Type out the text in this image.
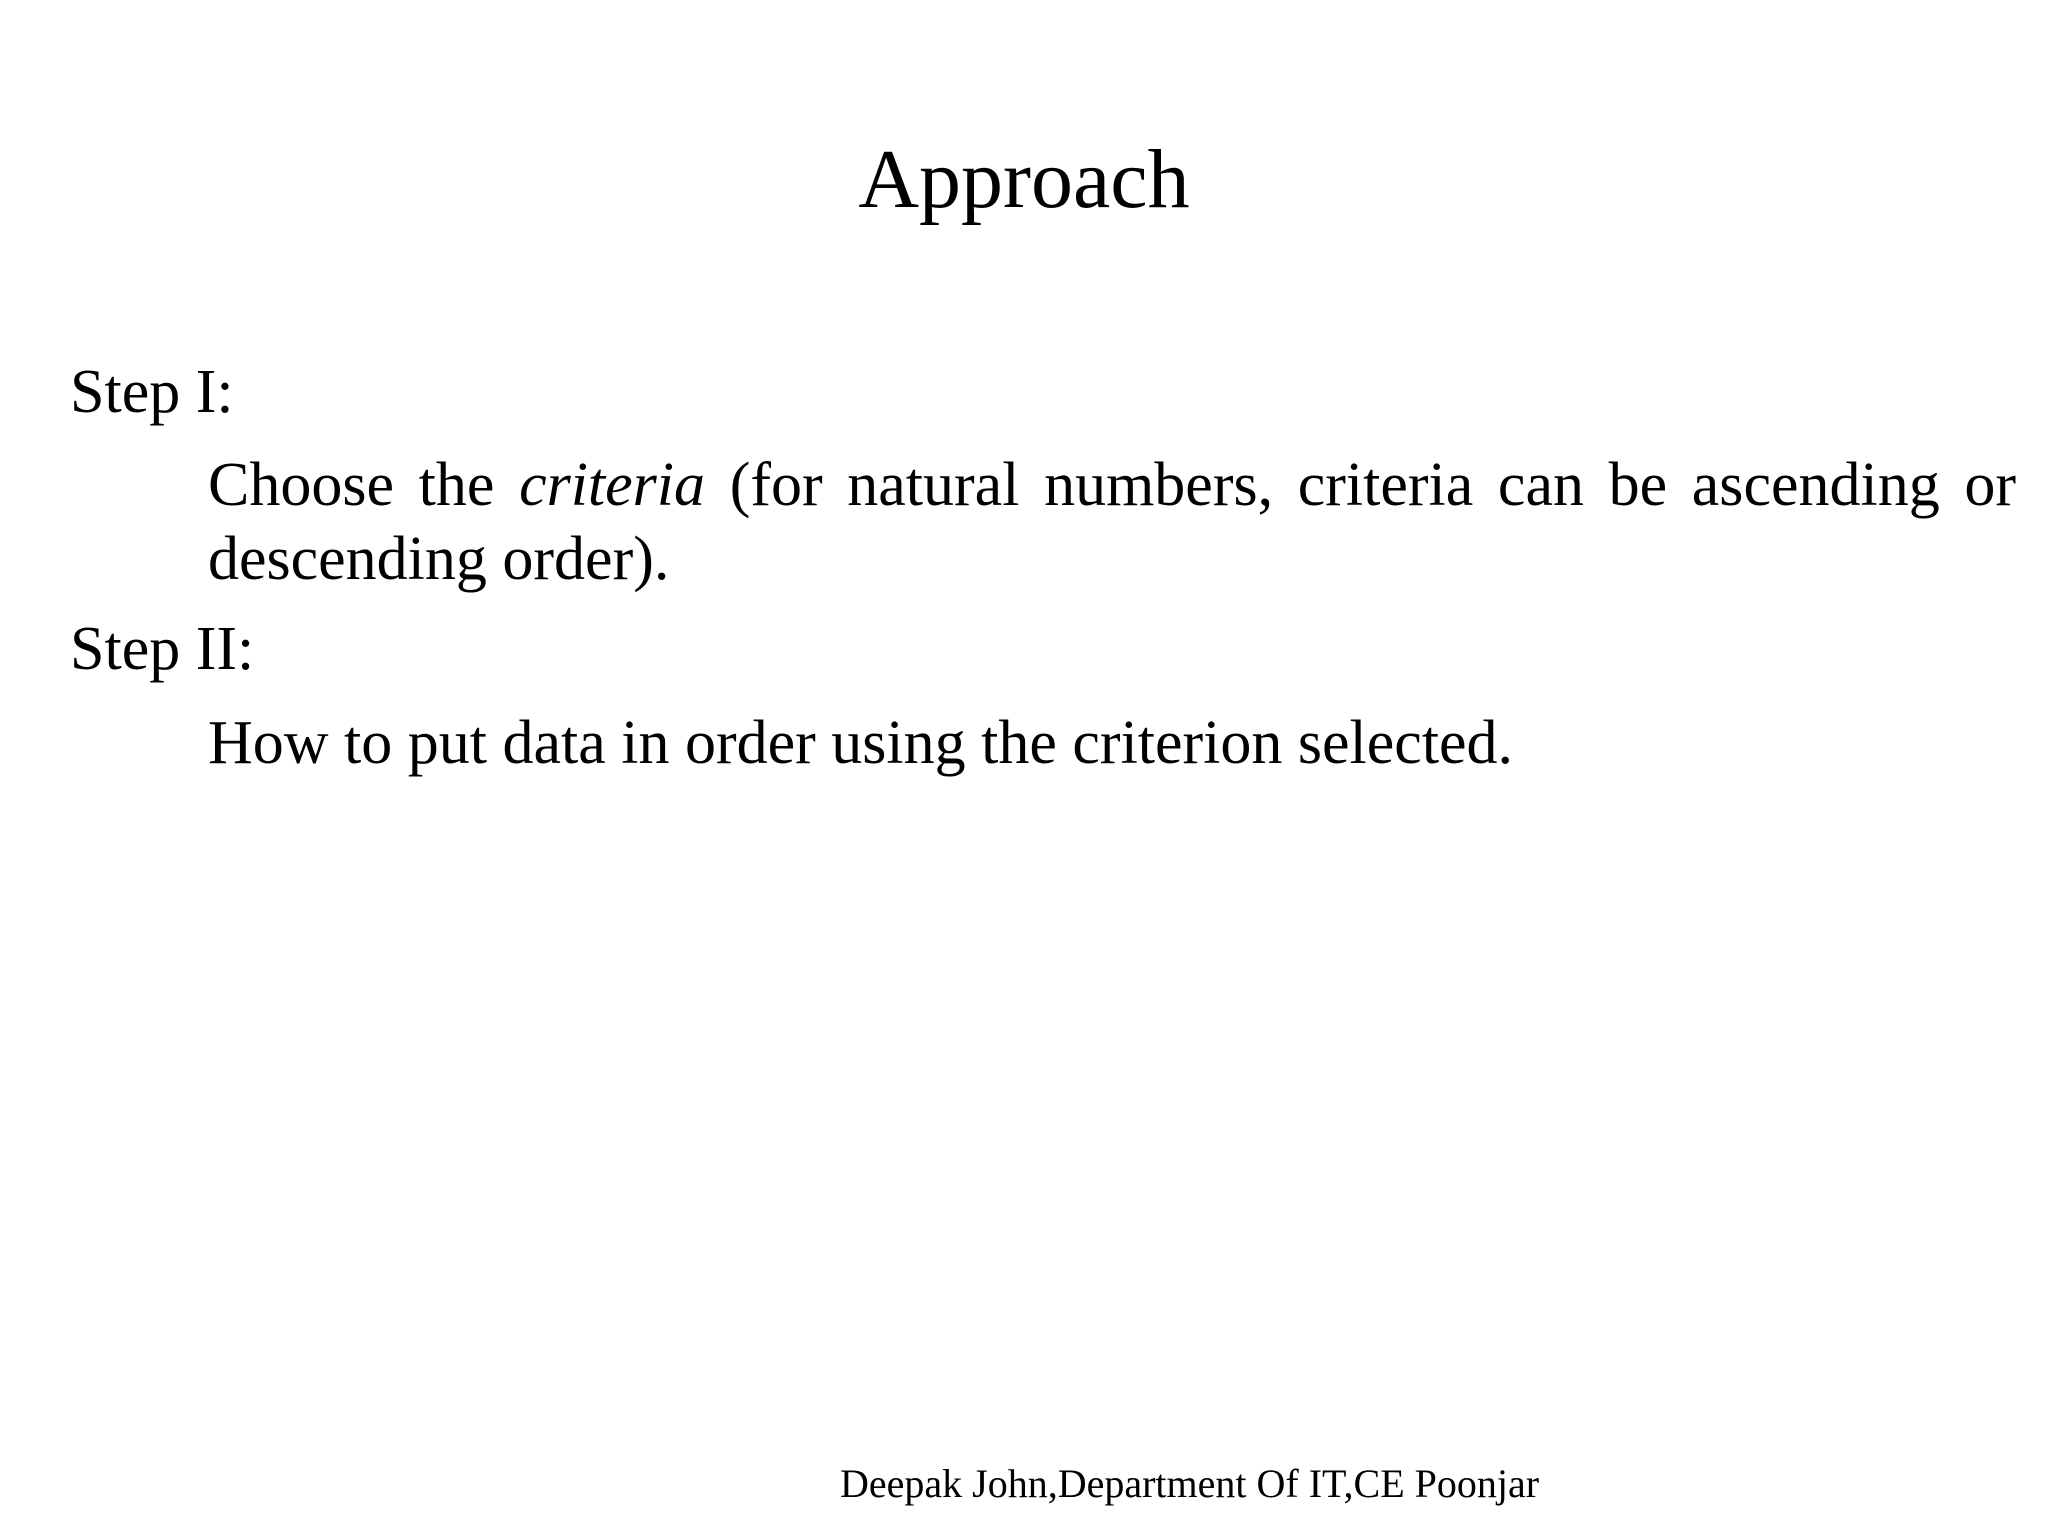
Approach

Step I:

Choose the criteria (for natural numbers, criteria can be ascending or descending order).

Step II:

How to put data in order using the criterion selected.

Deepak John,Department Of IT,CE Poonjar
